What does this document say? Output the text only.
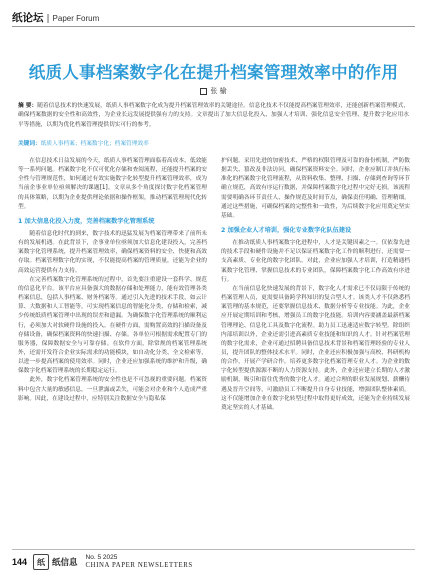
纸论坛 | Paper Forum
纸质人事档案数字化在提升档案管理效率中的作用
张 榆
摘 要：随着信息技术的快速发展，纸质人事档案数字化成为提升档案管理效率的关键途径。信息化技术不仅能提高档案管理效率，还能创新档案管理模式，确保档案数据的安全性和高效性，为企业长远发展提供强有力的支持。文章提出了加大信息化投入、加强人才培训、强化信息安全管理、提升数字化应用水平等措施，以期为优化档案管理提供切实可行的参考。
关键词：纸质人事档案；档案数字化；档案管理效率

在信息技术日益发展的今天，纸质人事档案管理面临着高成本、低效能等一系列问题。档案数字化不仅可优化存储和查阅流程，还能提升档案的安全性与管理规范性，如何通过有效实施数字化转型提升档案管理效率，成为当前企事业单位亟须解决的课题[1]。文章从多个角度探讨数字化档案管理的具体策略，以期为企业提供理论依据和操作框架，推动档案管理现代化转型。

1 加大信息化投入力度，完善档案数字化管理系统

随着信息化时代的到来，数字技术的迅猛发展为档案管理带来了前所未有的发展机遇。在此背景下，企事业单位亟须加大信息化建设投入，完善档案数字化管理系统，提升档案管理效率，确保档案资料的安全、快捷和高效存取。档案管理数字化的实现，不仅能提高档案的管理质量，还能为企业的高效运营提供有力支持。

在完善档案数字化管理系统的过程中，首先要注重建设一套科学、规范的信息化平台。该平台应具备强大的数据存储和处理能力，能有效管理各类档案信息，包括人事档案、财务档案等。通过引入先进的技术手段，如云计算、大数据和人工智能等，可实现档案信息的智能化分类、存储和检索，减少传统纸质档案管理中出现的误差和遗漏。为确保数字化管理系统的顺利运行，必须加大对软硬件设施的投入。在硬件方面，需购置高效的扫描设备及存储设备，确保档案资料的快速扫描、存储。各单位可根据需求配置专门的服务器，保障数据安全与可靠存储。在软件方面，除常规的档案管理系统外，还需开发符合企业实际需求的功能模块，如自动化分类、全文检索等，以进一步提高档案的使用效率。同时，企业还应加强系统的维护和升级，确保数字化档案管理系统的长期稳定运行。

此外，数字化档案管理系统的安全性也是不可忽视的重要问题。档案资料中包含大量的敏感信息，一旦泄露或丢失，可能会对企业和个人造成严重影响。因此，在建设过程中，应特别关注数据安全与隐私保

护问题。采用先进的加密技术、严格的权限管理及可靠的备份机制，严防数据丢失、篡改及非法访问，确保档案资料安全。同时，企业应制订并执行标准化的档案数字化管理流程，从资料收集、整理、扫描、存储到查询等环节确立规范，高效有序运行数据，并保障档案数字化过程中完好无损。该流程需要明确各环节责任人、操作规范及时间节点，确保责任明确、管理精细。通过这些措施，可确保档案的完整性和一致性，为后续数字化应用奠定坚实基础。

2 加强企业人才培训，强化专业数字化队伍建设

在推动纸质人事档案数字化进程中，人才是关键因素之一。仅依靠先进的技术手段和硬件设施并不足以保证档案数字化工作的顺利进行，还需要一支高素质、专业化的数字化团队。对此，企业应加强人才培训，打造精通档案数字化管理、掌握信息技术的专业团队，保障档案数字化工作高效有序进行。

在当前信息化快速发展的背景下，数字化人才需求已不仅局限于传统的档案管理人员，更需要具备跨学科知识的复合型人才。该类人才不仅熟悉档案管理的基本规范，还要掌握信息技术、数据分析等专业技能。为此，企业应开展定期培训和考核，增强员工的数字化技能。培训内容要涵盖最新档案管理理论、信息化工具及数字化流程。助力员工迅速适应数字转型。除组织内部培训以外，企业还需引进高素质专业技能和知识的人才。针对档案管理的数字化需求，企业可通过招聘具备信息技术背景和档案管理经验的专业人员，提升团队的整体技术水平。同时，企业还应积极加强与高校、科研机构的合作，开展产学研合作，培养更多数字化档案管理专业人才。为企业的数字化转型提供源源不断的人力资源支持。此外，企业还应建立长期的人才激励机制，吸引和留住优秀的数字化人才。通过合理的职业发展规划、薪酬待遇及晋升空间等，可激励员工不断提升自身专业技能，增强团队整体素质。这不仅能增加企业在数字化转型过程中取得更好成效，还能为企业持续发展奠定坚实的人才基础。

144	纸 纸信息
No. 5 2025
CHINA PAPER NEWSLETTERS
